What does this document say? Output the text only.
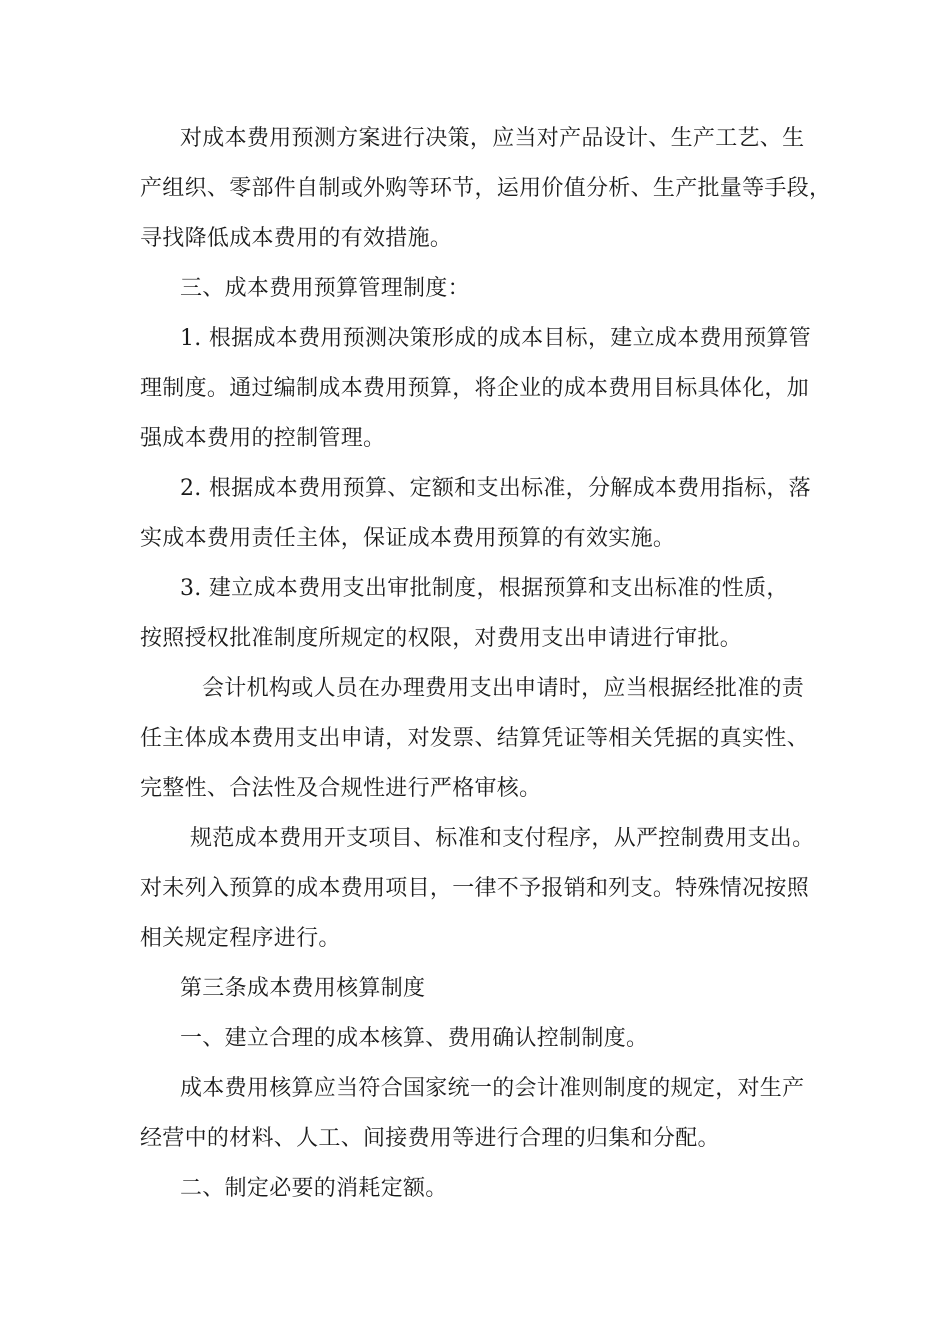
对成本费用预测方案进行决策，应当对产品设计、生产工艺、生
产组织、零部件自制或外购等环节，运用价值分析、生产批量等手段，
寻找降低成本费用的有效措施。
三、成本费用预算管理制度：
1. 根据成本费用预测决策形成的成本目标，建立成本费用预算管
理制度。通过编制成本费用预算，将企业的成本费用目标具体化，加
强成本费用的控制管理。
2. 根据成本费用预算、定额和支出标准，分解成本费用指标，落
实成本费用责任主体，保证成本费用预算的有效实施。
3. 建立成本费用支出审批制度，根据预算和支出标准的性质，
按照授权批准制度所规定的权限，对费用支出申请进行审批。
会计机构或人员在办理费用支出申请时，应当根据经批准的责
任主体成本费用支出申请，对发票、结算凭证等相关凭据的真实性、
完整性、合法性及合规性进行严格审核。
规范成本费用开支项目、标准和支付程序，从严控制费用支出。
对未列入预算的成本费用项目，一律不予报销和列支。特殊情况按照
相关规定程序进行。
第三条成本费用核算制度
一、建立合理的成本核算、费用确认控制制度。
成本费用核算应当符合国家统一的会计准则制度的规定，对生产
经营中的材料、人工、间接费用等进行合理的归集和分配。
二、制定必要的消耗定额。
